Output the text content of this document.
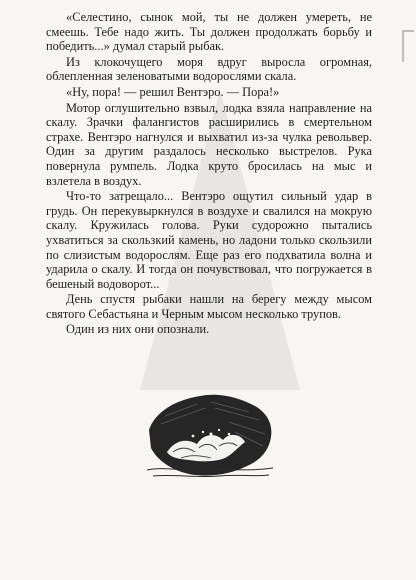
«Селестино, сынок мой, ты не должен умереть, не смеешь. Тебе надо жить. Ты должен продолжать борьбу и победить...» думал старый рыбак.

Из клокочущего моря вдруг выросла огромная, облепленная зеленоватыми водорослями скала.

«Ну, пора! — решил Вентэро. — Пора!»

Мотор оглушительно взвыл, лодка взяла направление на скалу. Зрачки фалангистов расширились в смертельном страхе. Вентэро нагнулся и выхватил из-за чулка револьвер. Один за другим раздалось несколько выстрелов. Рука повернула румпель. Лодка круто бросилась на мыс и взлетела в воздух.

Что-то затрещало... Вентэро ощутил сильный удар в грудь. Он перекувыркнулся в воздухе и свалился на мокрую скалу. Кружилась голова. Руки судорожно пытались ухватиться за скользкий камень, но ладони только скользили по слизистым водорослям. Еще раз его подхватила волна и ударила о скалу. И тогда он почувствовал, что погружается в бешеный водоворот...

День спустя рыбаки нашли на берегу между мысом святого Себастьяна и Черным мысом несколько трупов.

Один из них они опознали.
